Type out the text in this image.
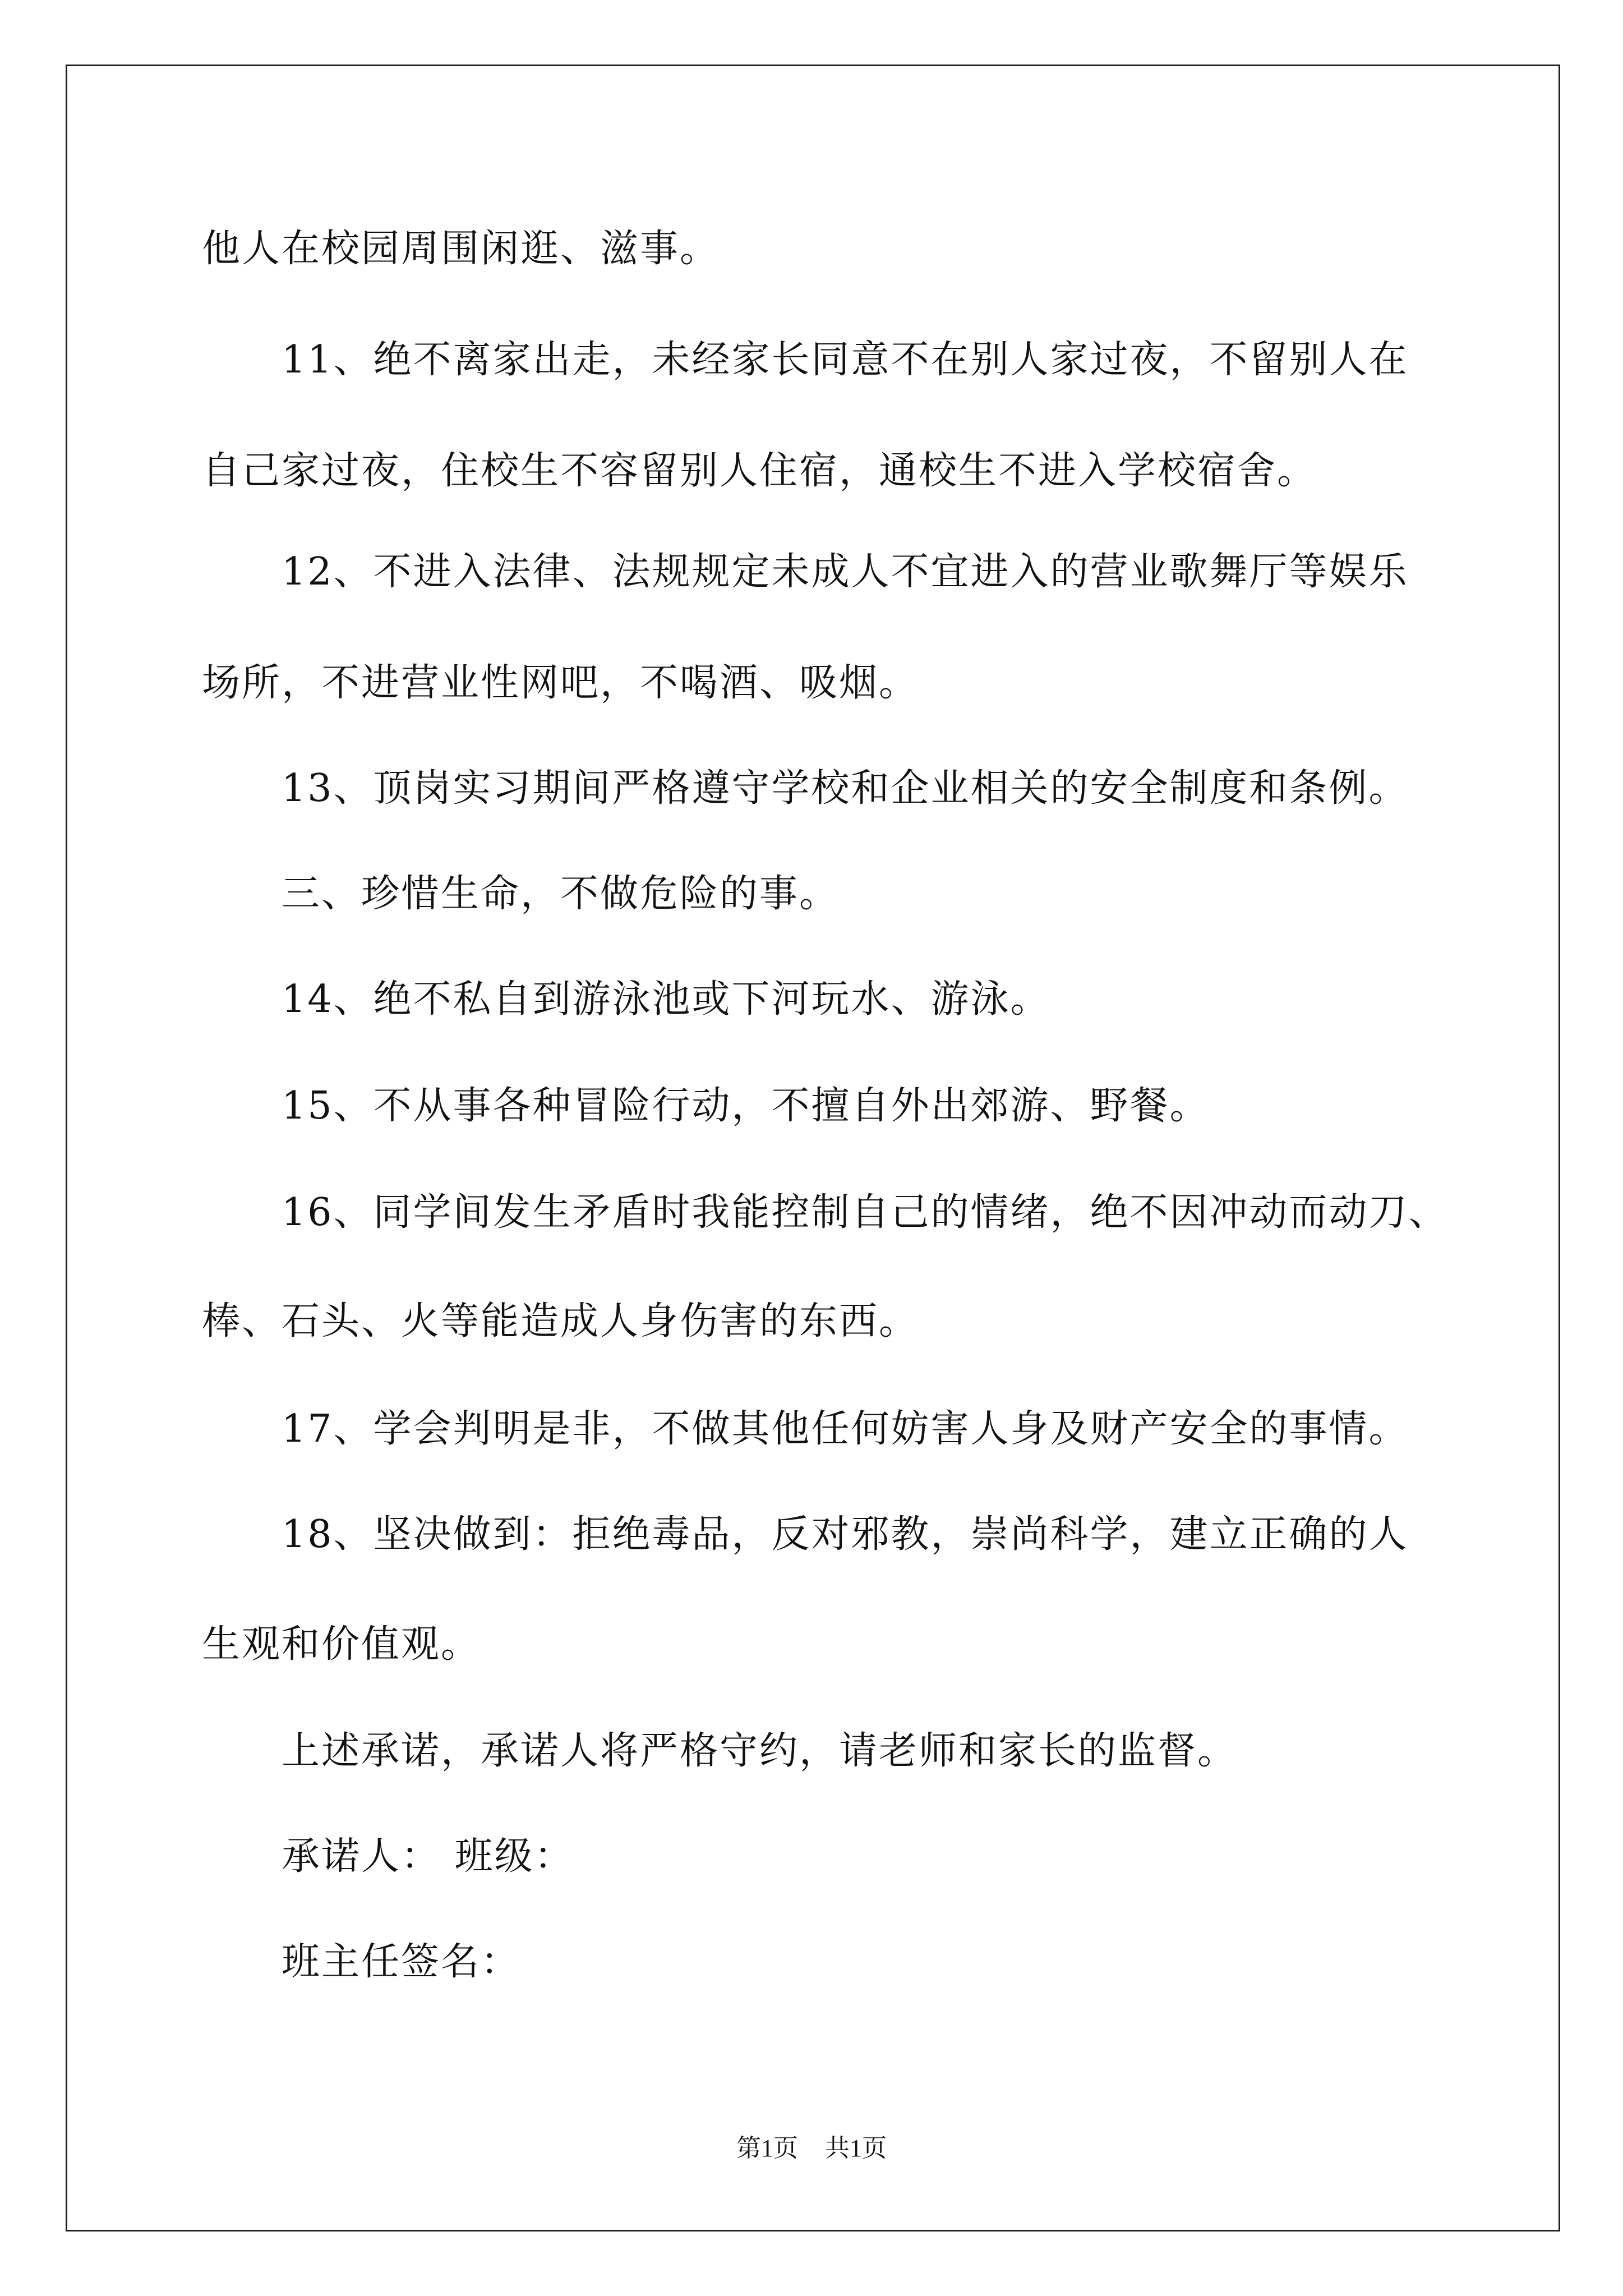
他人在校园周围闲逛、滋事。
11、绝不离家出走，未经家长同意不在别人家过夜，不留别人在
自己家过夜，住校生不容留别人住宿，通校生不进入学校宿舍。
12、不进入法律、法规规定未成人不宜进入的营业歌舞厅等娱乐
场所，不进营业性网吧，不喝酒、吸烟。
13、顶岗实习期间严格遵守学校和企业相关的安全制度和条例。
三、珍惜生命，不做危险的事。
14、绝不私自到游泳池或下河玩水、游泳。
15、不从事各种冒险行动，不擅自外出郊游、野餐。
16、同学间发生矛盾时我能控制自己的情绪，绝不因冲动而动刀、
棒、石头、火等能造成人身伤害的东西。
17、学会判明是非，不做其他任何妨害人身及财产安全的事情。
18、坚决做到：拒绝毒品，反对邪教，崇尚科学，建立正确的人
生观和价值观。
上述承诺，承诺人将严格守约，请老师和家长的监督。
承诺人： 班级：
班主任签名：
第1页 共1页
